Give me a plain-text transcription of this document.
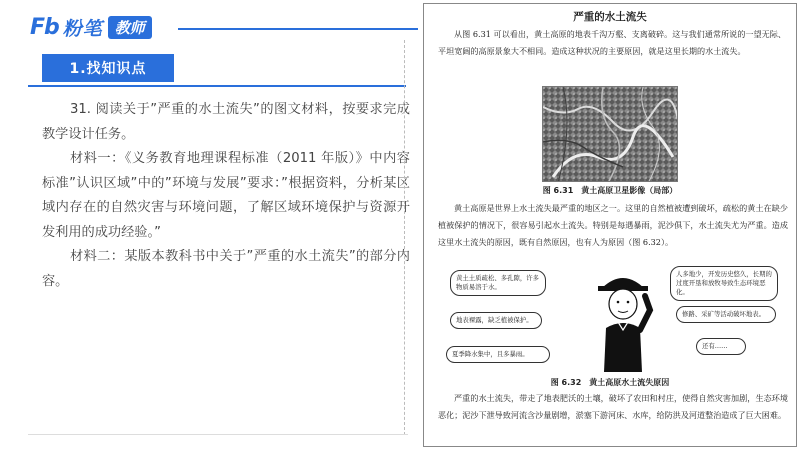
Fb 粉笔 教师
1.找知识点

31. 阅读关于”严重的水土流失”的图文材料，按要求完成教学设计任务。

材料一：《义务教育地理课程标准（2011 年版）》中内容标准”认识区域”中的”环境与发展”要求：”根据资料，分析某区域内存在的自然灾害与环境问题，了解区域环境保护与资源开发利用的成功经验。”

材料二：某版本教科书中关于”严重的水土流失”的部分内容。

严重的水土流失
从图 6.31 可以看出，黄土高原的地表千沟万壑、支离破碎。这与我们通常所说的一望无际、平坦宽阔的高原景象大不相同。造成这种状况的主要原因，就是这里长期的水土流失。
图 6.31　黄土高原卫星影像（局部）
黄土高原是世界上水土流失最严重的地区之一。这里的自然植被遭到破坏，疏松的黄土在缺少植被保护的情况下，很容易引起水土流失。特别是每遇暴雨，泥沙俱下，水土流失尤为严重。造成这里水土流失的原因，既有自然原因，也有人为原因（图 6.32）。
黄土土质疏松、多孔隙，许多物质易溶于水。
地表裸露，缺乏植被保护。
夏季降水集中，且多暴雨。
人多地少，开发历史悠久，长期的过度开垦和放牧导致生态环境恶化。
修路、采矿等活动破坏地表。
还有……
图 6.32　黄土高原水土流失原因
严重的水土流失，带走了地表肥沃的土壤，破坏了农田和村庄，使得自然灾害加剧，生态环境恶化；泥沙下泄导致河流含沙量剧增，淤塞下游河床、水库，给防洪及河道整治造成了巨大困难。
